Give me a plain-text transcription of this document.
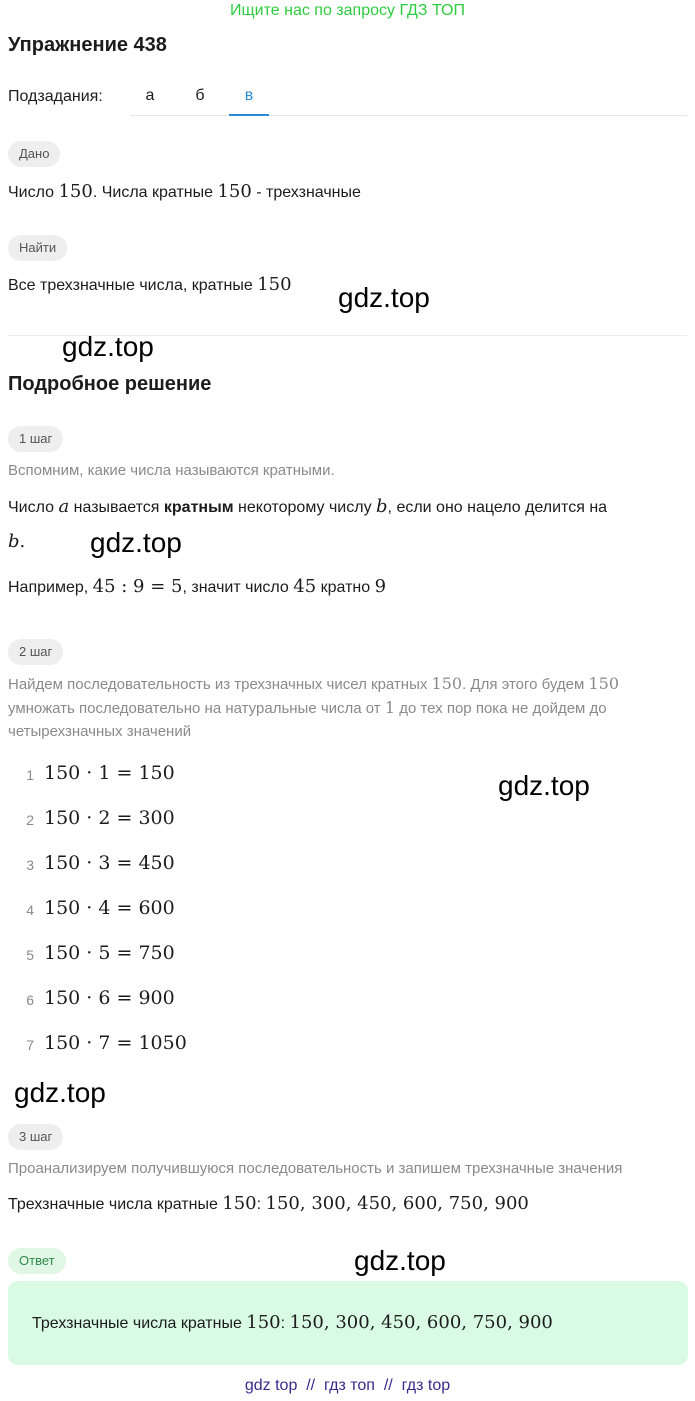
Ищите нас по запросу ГДЗ ТОП
Упражнение 438
Подзадания:	а	б	в
Дано
Число 150. Числа кратные 150 - трехзначные
Найти
Все трехзначные числа, кратные 150 gdz.top
gdz.top
Подробное решение
1 шаг
Вспомним, какие числа называются кратными.
Число a называется кратным некоторому числу b, если оно нацело делится на
b. gdz.top
Например, 45 : 9 = 5, значит число 45 кратно 9
2 шаг
Найдем последовательность из трехзначных чисел кратных 150. Для этого будем 150
умножать последовательно на натуральные числа от 1 до тех пор пока не дойдем до
четырехзначных значений
1 150 · 1 = 150
2 150 · 2 = 300
3 150 · 3 = 450
4 150 · 4 = 600
5 150 · 5 = 750
6 150 · 6 = 900
7 150 · 7 = 1050
gdz.top
gdz.top
3 шаг
Проанализируем получившуюся последовательность и запишем трехзначные значения
Трехзначные числа кратные 150: 150, 300, 450, 600, 750, 900
Ответ	gdz.top
Трехзначные числа кратные 150: 150, 300, 450, 600, 750, 900
gdz top // гдз топ // гдз top
